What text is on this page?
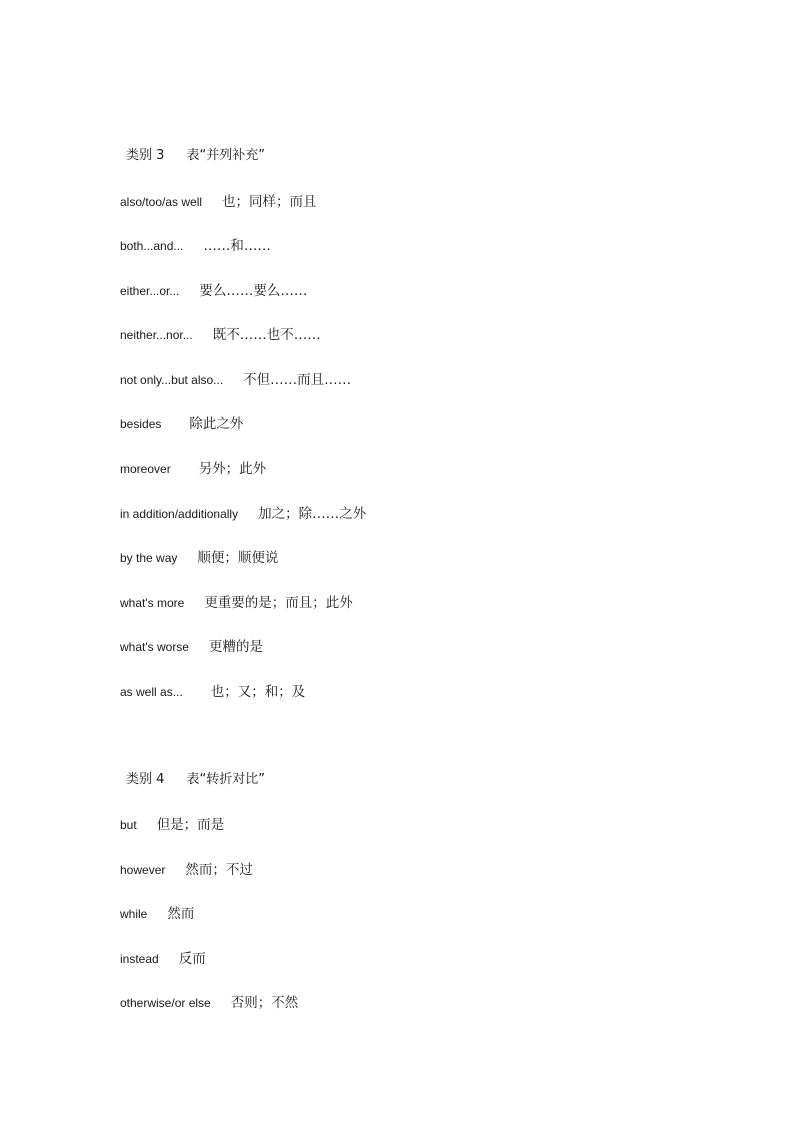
类别 3 表“并列补充”
also/too/as well 也；同样；而且
both...and... ……和……
either...or... 要么……要么……
neither...nor... 既不……也不……
not only...but also... 不但……而且……
besides 除此之外
moreover 另外；此外
in addition/additionally 加之；除……之外
by the way 顺便；顺便说
what's more 更重要的是；而且；此外
what's worse 更糟的是
as well as... 也；又；和；及
类别 4 表“转折对比”
but 但是；而是
however 然而；不过
while 然而
instead 反而
otherwise/or else 否则；不然
